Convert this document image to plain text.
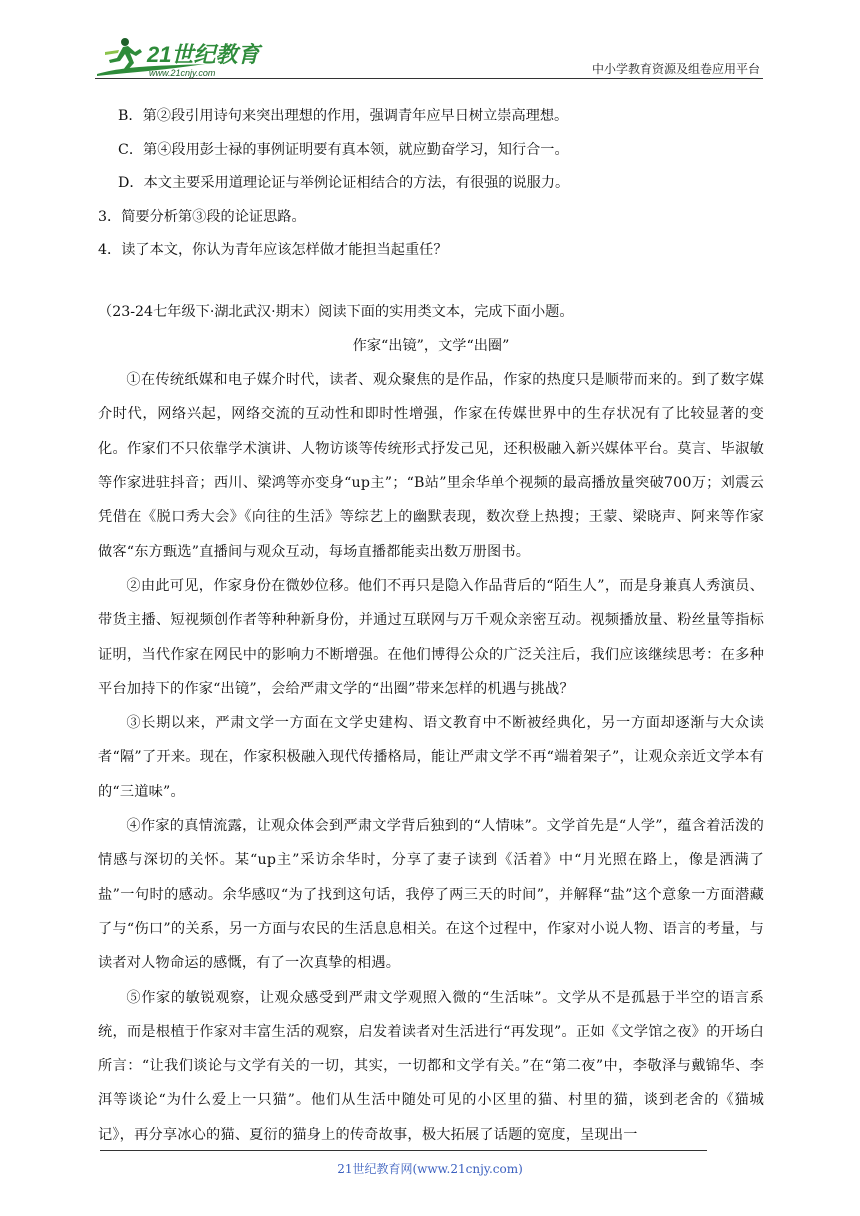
21世纪教育
www.21cnjy.com	中小学教育资源及组卷应用平台
B．第②段引用诗句来突出理想的作用，强调青年应早日树立崇高理想。
C．第④段用彭士禄的事例证明要有真本领，就应勤奋学习，知行合一。
D．本文主要采用道理论证与举例论证相结合的方法，有很强的说服力。
3．简要分析第③段的论证思路。
4．读了本文，你认为青年应该怎样做才能担当起重任？
（23-24七年级下·湖北武汉·期末）阅读下面的实用类文本，完成下面小题。
作家“出镜”，文学“出圈”

①在传统纸媒和电子媒介时代，读者、观众聚焦的是作品，作家的热度只是顺带而来的。到了数字媒介时代，网络兴起，网络交流的互动性和即时性增强，作家在传媒世界中的生存状况有了比较显著的变化。作家们不只依靠学术演讲、人物访谈等传统形式抒发己见，还积极融入新兴媒体平台。莫言、毕淑敏等作家进驻抖音；西川、梁鸿等亦变身“up主”；“B站”里余华单个视频的最高播放量突破700万；刘震云凭借在《脱口秀大会》《向往的生活》等综艺上的幽默表现，数次登上热搜；王蒙、梁晓声、阿来等作家做客“东方甄选”直播间与观众互动，每场直播都能卖出数万册图书。

②由此可见，作家身份在微妙位移。他们不再只是隐入作品背后的“陌生人”，而是身兼真人秀演员、带货主播、短视频创作者等种种新身份，并通过互联网与万千观众亲密互动。视频播放量、粉丝量等指标证明，当代作家在网民中的影响力不断增强。在他们博得公众的广泛关注后，我们应该继续思考：在多种平台加持下的作家“出镜”，会给严肃文学的“出圈”带来怎样的机遇与挑战？

③长期以来，严肃文学一方面在文学史建构、语文教育中不断被经典化，另一方面却逐渐与大众读者“隔”了开来。现在，作家积极融入现代传播格局，能让严肃文学不再“端着架子”，让观众亲近文学本有的“三道味”。

④作家的真情流露，让观众体会到严肃文学背后独到的“人情味”。文学首先是“人学”，蕴含着活泼的情感与深切的关怀。某“up主”采访余华时，分享了妻子读到《活着》中“月光照在路上，像是洒满了盐”一句时的感动。余华感叹“为了找到这句话，我停了两三天的时间”，并解释“盐”这个意象一方面潜藏了与“伤口”的关系，另一方面与农民的生活息息相关。在这个过程中，作家对小说人物、语言的考量，与读者对人物命运的感慨，有了一次真挚的相遇。

⑤作家的敏锐观察，让观众感受到严肃文学观照入微的“生活味”。文学从不是孤悬于半空的语言系统，而是根植于作家对丰富生活的观察，启发着读者对生活进行“再发现”。正如《文学馆之夜》的开场白所言：“让我们谈论与文学有关的一切，其实，一切都和文学有关。”在“第二夜”中，李敬泽与戴锦华、李洱等谈论“为什么爱上一只猫”。他们从生活中随处可见的小区里的猫、村里的猫，谈到老舍的《猫城记》，再分享冰心的猫、夏衍的猫身上的传奇故事，极大拓展了话题的宽度，呈现出一

21世纪教育网(www.21cnjy.com)
